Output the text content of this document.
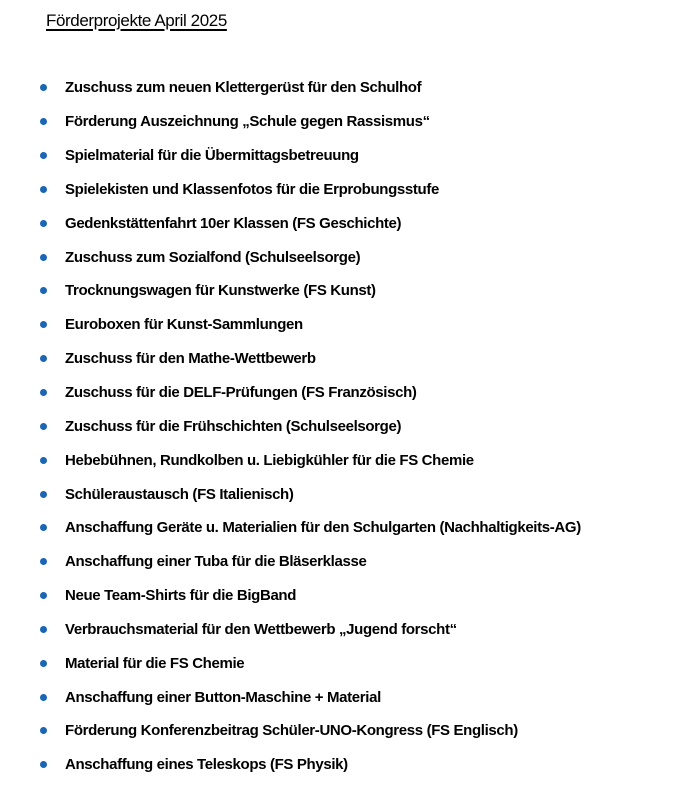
Förderprojekte April 2025
Zuschuss zum neuen Klettergerüst für den Schulhof
Förderung Auszeichnung „Schule gegen Rassismus“
Spielmaterial für die Übermittagsbetreuung
Spielekisten und Klassenfotos für die Erprobungsstufe
Gedenkstättenfahrt 10er Klassen (FS Geschichte)
Zuschuss zum Sozialfond (Schulseelsorge)
Trocknungswagen für Kunstwerke (FS Kunst)
Euroboxen für Kunst-Sammlungen
Zuschuss für den Mathe-Wettbewerb
Zuschuss für die DELF-Prüfungen (FS Französisch)
Zuschuss für die Frühschichten (Schulseelsorge)
Hebebühnen, Rundkolben u. Liebigkühler für die FS Chemie
Schüleraustausch (FS Italienisch)
Anschaffung Geräte u. Materialien für den Schulgarten (Nachhaltigkeits-AG)
Anschaffung einer Tuba für die Bläserklasse
Neue Team-Shirts für die BigBand
Verbrauchsmaterial für den Wettbewerb „Jugend forscht“
Material für die FS Chemie
Anschaffung einer Button-Maschine + Material
Förderung Konferenzbeitrag Schüler-UNO-Kongress (FS Englisch)
Anschaffung eines Teleskops (FS Physik)
